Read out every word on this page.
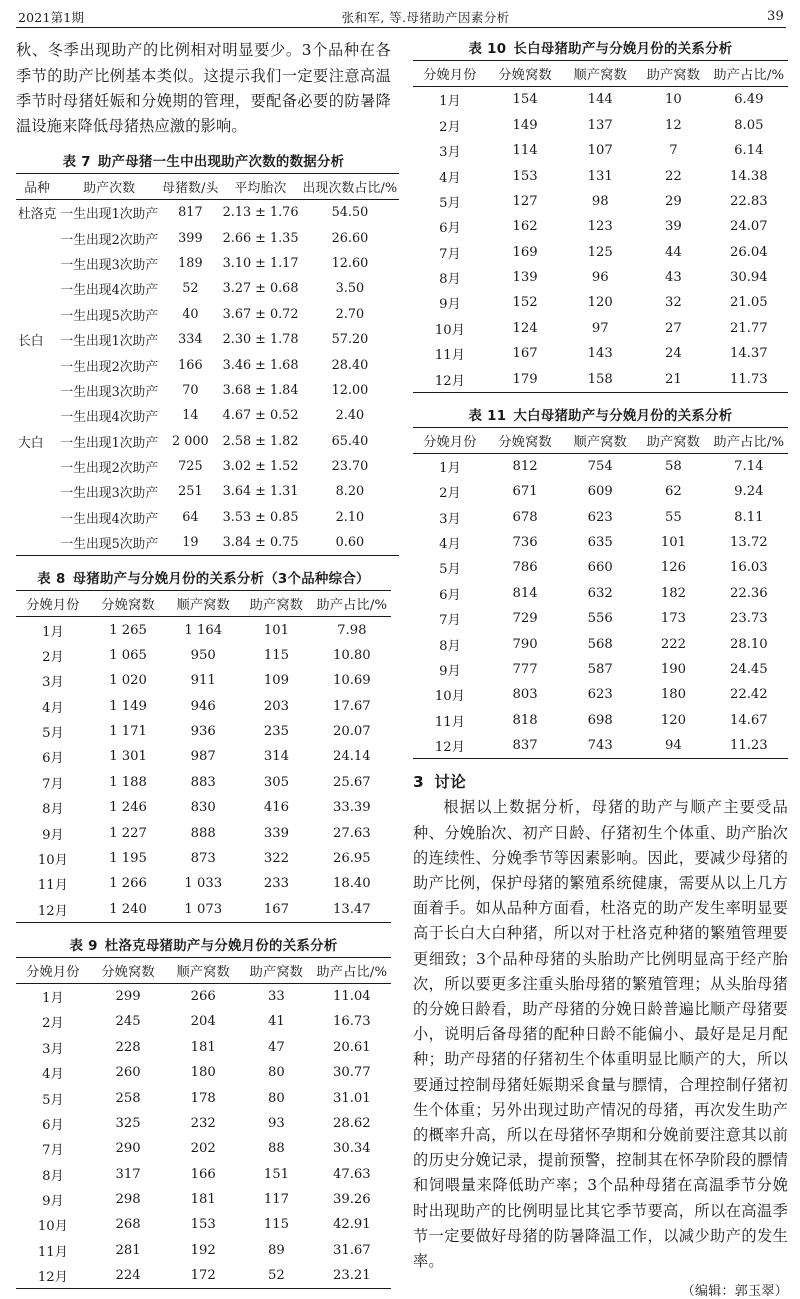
2021第1期	张和军, 等.母猪助产因素分析	39

秋、冬季出现助产的比例相对明显要少。3个品种在各季节的助产比例基本类似。这提示我们一定要注意高温季节时母猪妊娠和分娩期的管理，要配备必要的防暑降温设施来降低母猪热应激的影响。

表 7 助产母猪一生中出现助产次数的数据分析
品种	助产次数	母猪数/头	平均胎次	出现次数占比/%
杜洛克	一生出现1次助产	817	2.13 ± 1.76	54.50
	一生出现2次助产	399	2.66 ± 1.35	26.60
	一生出现3次助产	189	3.10 ± 1.17	12.60
	一生出现4次助产	52	3.27 ± 0.68	3.50
	一生出现5次助产	40	3.67 ± 0.72	2.70
长白	一生出现1次助产	334	2.30 ± 1.78	57.20
	一生出现2次助产	166	3.46 ± 1.68	28.40
	一生出现3次助产	70	3.68 ± 1.84	12.00
	一生出现4次助产	14	4.67 ± 0.52	2.40
大白	一生出现1次助产	2 000	2.58 ± 1.82	65.40
	一生出现2次助产	725	3.02 ± 1.52	23.70
	一生出现3次助产	251	3.64 ± 1.31	8.20
	一生出现4次助产	64	3.53 ± 0.85	2.10
	一生出现5次助产	19	3.84 ± 0.75	0.60
表 8 母猪助产与分娩月份的关系分析（3个品种综合）
分娩月份	分娩窝数	顺产窝数	助产窝数	助产占比/%
1月	1 265	1 164	101	7.98
2月	1 065	950	115	10.80
3月	1 020	911	109	10.69
4月	1 149	946	203	17.67
5月	1 171	936	235	20.07
6月	1 301	987	314	24.14
7月	1 188	883	305	25.67
8月	1 246	830	416	33.39
9月	1 227	888	339	27.63
10月	1 195	873	322	26.95
11月	1 266	1 033	233	18.40
12月	1 240	1 073	167	13.47
表 9 杜洛克母猪助产与分娩月份的关系分析
分娩月份	分娩窝数	顺产窝数	助产窝数	助产占比/%
1月	299	266	33	11.04
2月	245	204	41	16.73
3月	228	181	47	20.61
4月	260	180	80	30.77
5月	258	178	80	31.01
6月	325	232	93	28.62
7月	290	202	88	30.34
8月	317	166	151	47.63
9月	298	181	117	39.26
10月	268	153	115	42.91
11月	281	192	89	31.67
12月	224	172	52	23.21
表 10 长白母猪助产与分娩月份的关系分析
分娩月份	分娩窝数	顺产窝数	助产窝数	助产占比/%
1月	154	144	10	6.49
2月	149	137	12	8.05
3月	114	107	7	6.14
4月	153	131	22	14.38
5月	127	98	29	22.83
6月	162	123	39	24.07
7月	169	125	44	26.04
8月	139	96	43	30.94
9月	152	120	32	21.05
10月	124	97	27	21.77
11月	167	143	24	14.37
12月	179	158	21	11.73
表 11 大白母猪助产与分娩月份的关系分析
分娩月份	分娩窝数	顺产窝数	助产窝数	助产占比/%
1月	812	754	58	7.14
2月	671	609	62	9.24
3月	678	623	55	8.11
4月	736	635	101	13.72
5月	786	660	126	16.03
6月	814	632	182	22.36
7月	729	556	173	23.73
8月	790	568	222	28.10
9月	777	587	190	24.45
10月	803	623	180	22.42
11月	818	698	120	14.67
12月	837	743	94	11.23
3 讨论

根据以上数据分析，母猪的助产与顺产主要受品种、分娩胎次、初产日龄、仔猪初生个体重、助产胎次的连续性、分娩季节等因素影响。因此，要减少母猪的助产比例，保护母猪的繁殖系统健康，需要从以上几方面着手。如从品种方面看，杜洛克的助产发生率明显要高于长白大白种猪，所以对于杜洛克种猪的繁殖管理要更细致；3个品种母猪的头胎助产比例明显高于经产胎次，所以要更多注重头胎母猪的繁殖管理；从头胎母猪的分娩日龄看，助产母猪的分娩日龄普遍比顺产母猪要小，说明后备母猪的配种日龄不能偏小、最好是足月配种；助产母猪的仔猪初生个体重明显比顺产的大，所以要通过控制母猪妊娠期采食量与膘情，合理控制仔猪初生个体重；另外出现过助产情况的母猪，再次发生助产的概率升高，所以在母猪怀孕期和分娩前要注意其以前的历史分娩记录，提前预警，控制其在怀孕阶段的膘情和饲喂量来降低助产率；3个品种母猪在高温季节分娩时出现助产的比例明显比其它季节要高，所以在高温季节一定要做好母猪的防暑降温工作，以减少助产的发生率。

（编辑：郭玉翠）
